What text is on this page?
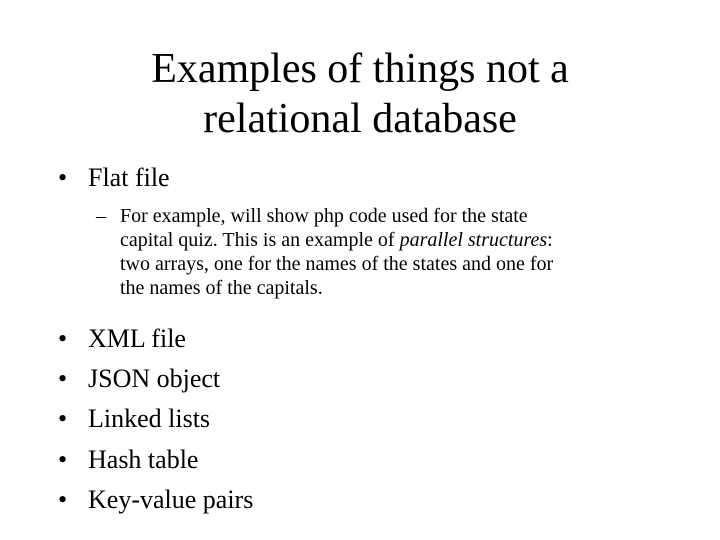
Examples of things not a
relational database
• Flat file
– For example, will show php code used for the state
capital quiz. This is an example of parallel structures:
two arrays, one for the names of the states and one for
the names of the capitals.
• XML file
• JSON object
• Linked lists
• Hash table
• Key-value pairs
